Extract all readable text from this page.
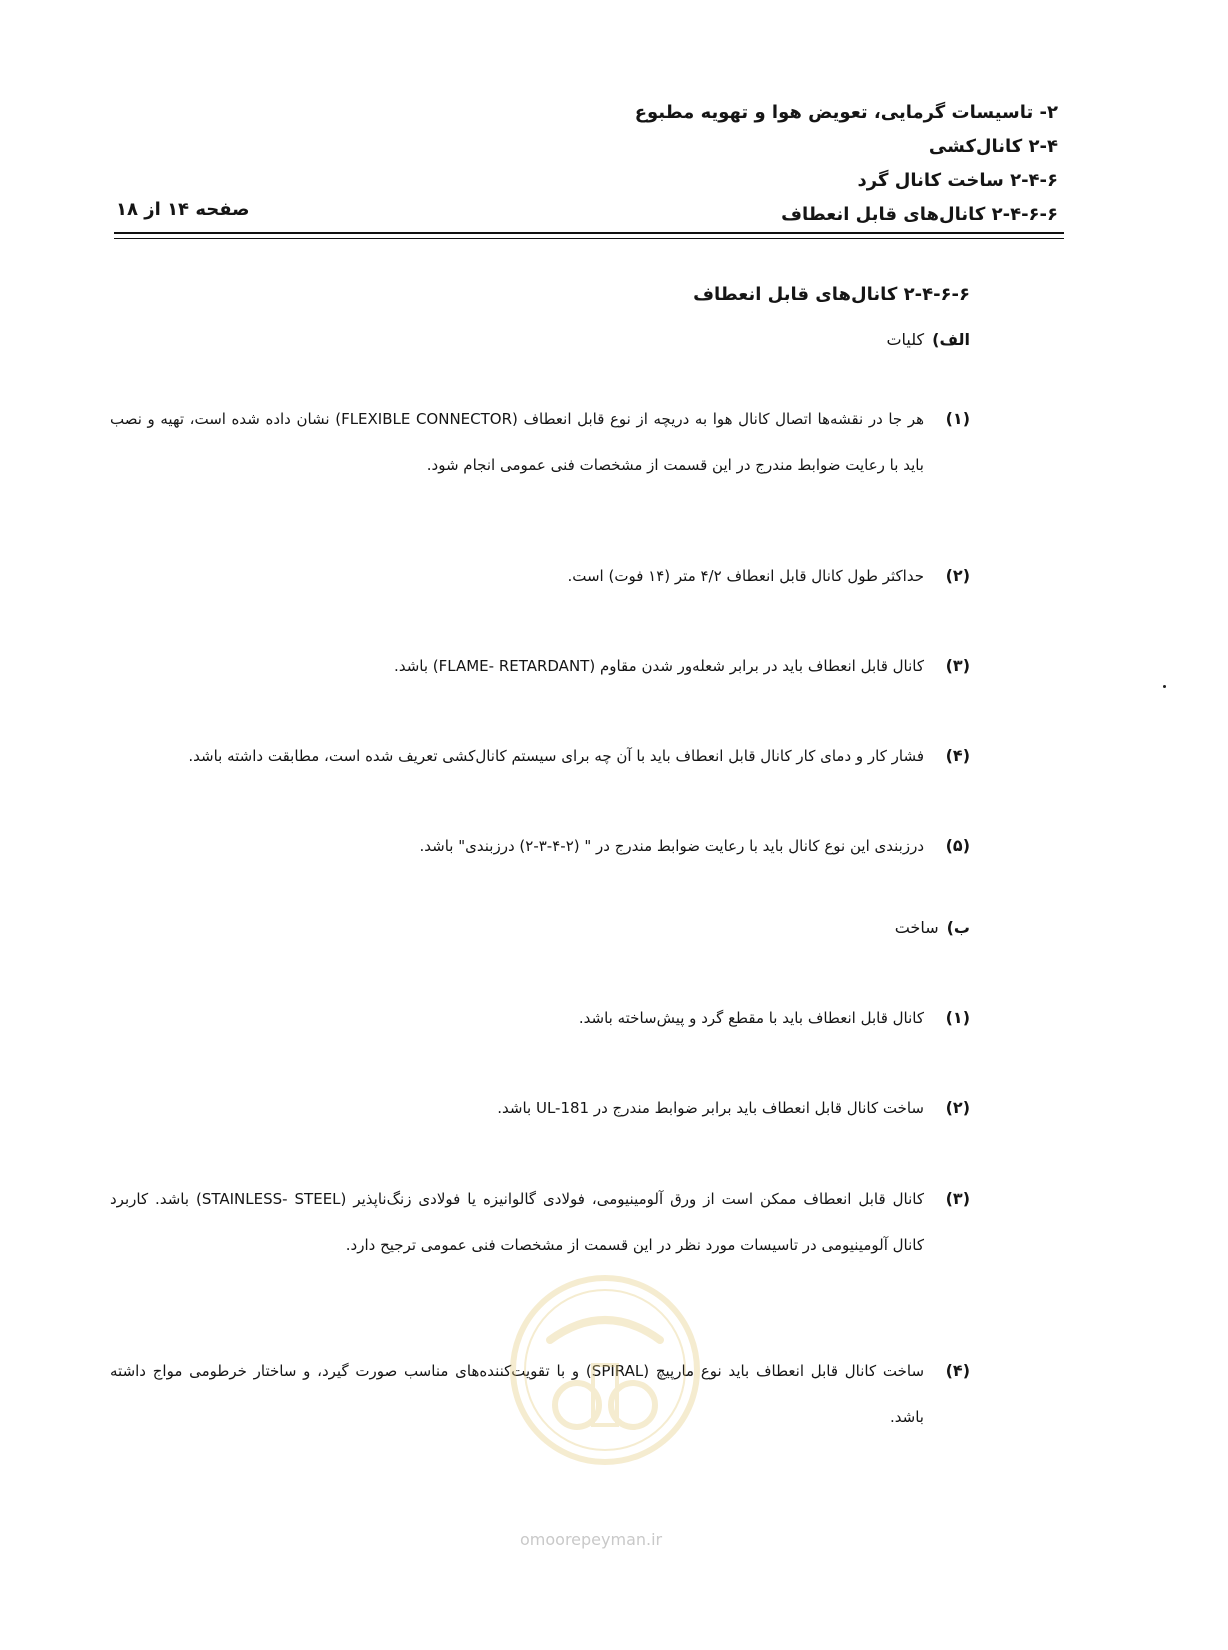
۲- تاسیسات گرمایی، تعویض هوا و تهویه مطبوع
۲-۴ کانال‌کشی
۲-۴-۶ ساخت کانال گرد
۲-۴-۶-۶ کانال‌های قابل انعطاف
صفحه ۱۴ از ۱۸
۲-۴-۶-۶ کانال‌های قابل انعطاف
الف)کلیات
(۱)
هر جا در نقشه‌ها اتصال کانال هوا به دریچه از نوع قابل انعطاف (FLEXIBLE CONNECTOR) نشان داده شده است، تهیه و نصب باید با رعایت ضوابط مندرج در این قسمت از مشخصات فنی عمومی انجام شود.
(۲)
حداکثر طول کانال قابل انعطاف ۴/۲ متر (۱۴ فوت) است.
(۳)
کانال قابل انعطاف باید در برابر شعله‌ور شدن مقاوم (FLAME- RETARDANT) باشد.
(۴)
فشار کار و دمای کار کانال قابل انعطاف باید با آن چه برای سیستم کانال‌کشی تعریف شده است، مطابقت داشته باشد.
(۵)
درزبندی این نوع کانال باید با رعایت ضوابط مندرج در " (۲-۴-۳-۲) درزبندی" باشد.
ب)ساخت
(۱)
کانال قابل انعطاف باید با مقطع گرد و پیش‌ساخته باشد.
(۲)
ساخت کانال قابل انعطاف باید برابر ضوابط مندرج در UL-181 باشد.
(۳)
کانال قابل انعطاف ممکن است از ورق آلومینیومی، فولادی گالوانیزه یا فولادی زنگ‌ناپذیر (STAINLESS- STEEL) باشد. کاربرد کانال آلومینیومی در تاسیسات مورد نظر در این قسمت از مشخصات فنی عمومی ترجیح دارد.
(۴)
ساخت کانال قابل انعطاف باید نوع مارپیچ (SPIRAL) و با تقویت‌کننده‌های مناسب صورت گیرد، و ساختار خرطومی مواج داشته باشد.
omoorepeyman.ir
